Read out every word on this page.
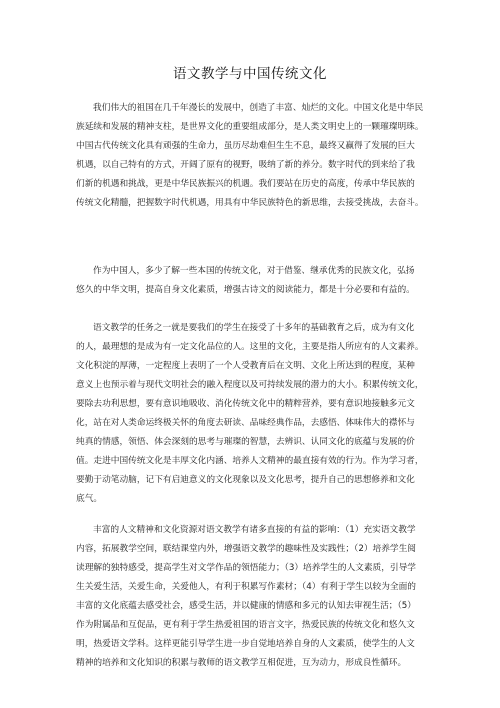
语文教学与中国传统文化
我们伟大的祖国在几千年漫长的发展中，创造了丰富、灿烂的文化。中国文化是中华民
族延续和发展的精神支柱，是世界文化的重要组成部分，是人类文明史上的一颗璀璨明珠。
中国古代传统文化具有顽强的生命力，虽历尽劫难但生生不息，最终又赢得了发展的巨大
机遇，以自己特有的方式，开阔了原有的视野，吸纳了新的养分。数字时代的到来给了我
们新的机遇和挑战，更是中华民族振兴的机遇。我们要站在历史的高度，传承中华民族的
传统文化精髓，把握数字时代机遇，用具有中华民族特色的新思维，去接受挑战，去奋斗。
作为中国人，多少了解一些本国的传统文化，对于借鉴、继承优秀的民族文化，弘扬
悠久的中华文明，提高自身文化素质，增强古诗文的阅读能力，都是十分必要和有益的。
语文教学的任务之一就是要我们的学生在接受了十多年的基础教育之后，成为有文化
的人，最理想的是成为有一定文化品位的人。这里的文化，主要是指人所应有的人文素养。
文化积淀的厚薄，一定程度上表明了一个人受教育后在文明、文化上所达到的程度，某种
意义上也预示着与现代文明社会的融入程度以及可持续发展的潜力的大小。积累传统文化，
要除去功利思想，要有意识地吸收、消化传统文化中的精粹营养，要有意识地接触多元文
化，站在对人类命运终极关怀的角度去研读、品味经典作品，去感悟、体味伟大的襟怀与
纯真的情感，领悟、体会深刻的思考与璀璨的智慧，去辨识、认同文化的底蕴与发展的价
值。走进中国传统文化是丰厚文化内涵、培养人文精神的最直接有效的行为。作为学习者，
要勤于动笔动脑，记下有启迪意义的文化现象以及文化思考，提升自己的思想修养和文化
底气。
丰富的人文精神和文化资源对语文教学有诸多直接的有益的影响：（1）充实语文教学
内容，拓展教学空间，联结课堂内外，增强语文教学的趣味性及实践性；（2）培养学生阅
读理解的独特感受，提高学生对文学作品的领悟能力；（3）培养学生的人文素质，引导学
生关爱生活，关爱生命，关爱他人，有利于积累写作素材；（4）有利于学生以较为全面的
丰富的文化底蕴去感受社会，感受生活，并以健康的情感和多元的认知去审视生活；（5）
作为附属品和互促品，更有利于学生热爱祖国的语言文字，热爱民族的传统文化和悠久文
明，热爱语文学科。这样更能引导学生进一步自觉地培养自身的人文素质，使学生的人文
精神的培养和文化知识的积累与教师的语文教学互相促进，互为动力，形成良性循环。
